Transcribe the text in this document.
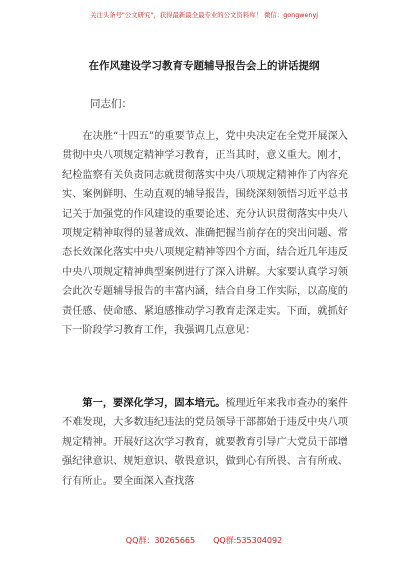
关注头条号"公文研究"，获得最新最全最专业的公文资料库！ 微信：gongwenyj
在作风建设学习教育专题辅导报告会上的讲话提纲
同志们：
在决胜“十四五”的重要节点上，党中央决定在全党开展深入贯彻中央八项规定精神学习教育，正当其时，意义重大。刚才，纪检监察有关负责同志就贯彻落实中央八项规定精神作了内容充实、案例鲜明、生动直观的辅导报告，围绕深刻领悟习近平总书记关于加强党的作风建设的重要论述、充分认识贯彻落实中央八项规定精神取得的显著成效、准确把握当前存在的突出问题、常态长效深化落实中央八项规定精神等四个方面，结合近几年违反中央八项规定精神典型案例进行了深入讲解。大家要认真学习领会此次专题辅导报告的丰富内涵，结合自身工作实际，以高度的责任感、使命感、紧迫感推动学习教育走深走实。下面，就抓好下一阶段学习教育工作，我强调几点意见：
第一，要深化学习，固本培元。梳理近年来我市查办的案件不难发现，大多数违纪违法的党员领导干部都始于违反中央八项规定精神。开展好这次学习教育，就要教育引导广大党员干部增强纪律意识、规矩意识、敬畏意识，做到心有所畏、言有所戒、行有所止。要全面深入查找落
QQ群：30265665 QQ群:535304092
